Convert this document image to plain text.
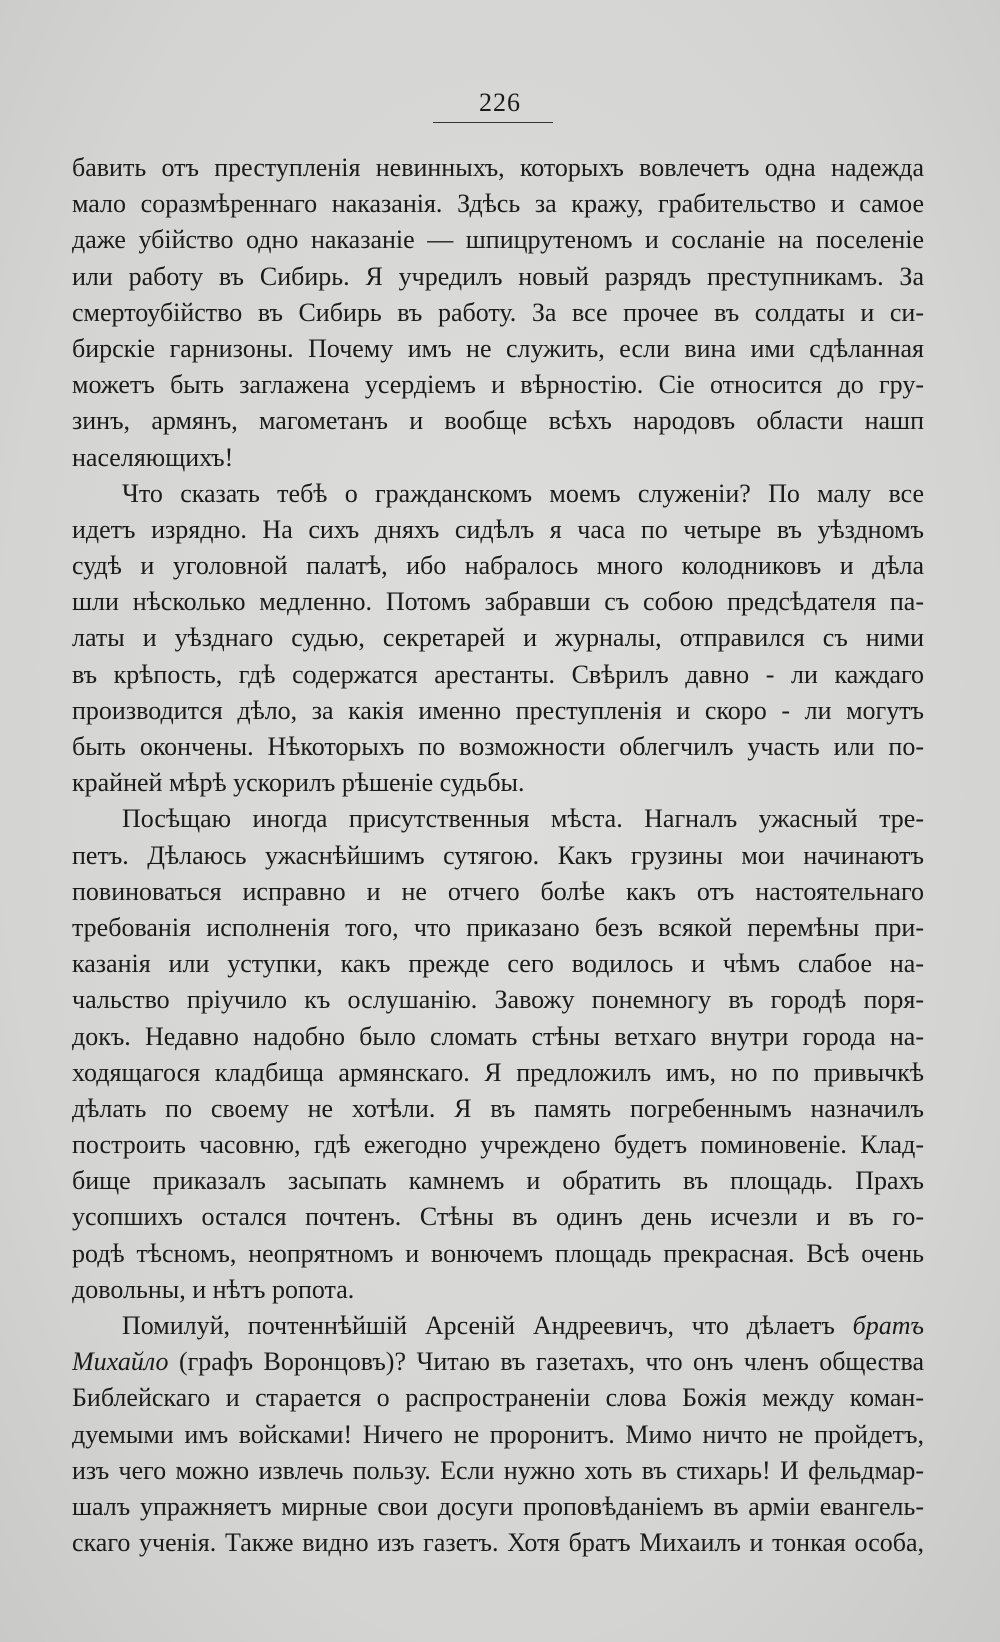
226
бавить отъ преступленія невинныхъ, которыхъ вовлечетъ одна надежда
мало соразмѣреннаго наказанія. Здѣсь за кражу, грабительство и самое
даже убійство одно наказаніе — шпицрутеномъ и сосланіе на поселеніе
или работу въ Сибирь. Я учредилъ новый разрядъ преступникамъ. За
смертоубійство въ Сибирь въ работу. За все прочее въ солдаты и си-
бирскіе гарнизоны. Почему имъ не служить, если вина ими сдѣланная
можетъ быть заглажена усердіемъ и вѣрностію. Сіе относится до гру-
зинъ, армянъ, магометанъ и вообще всѣхъ народовъ области нашп
населяющихъ!
Что сказать тебѣ о гражданскомъ моемъ служеніи? По малу все
идетъ изрядно. На сихъ дняхъ сидѣлъ я часа по четыре въ уѣздномъ
судѣ и уголовной палатѣ, ибо набралось много колодниковъ и дѣла
шли нѣсколько медленно. Потомъ забравши съ собою предсѣдателя па-
латы и уѣзднаго судью, секретарей и журналы, отправился съ ними
въ крѣпость, гдѣ содержатся арестанты. Свѣрилъ давно - ли каждаго
производится дѣло, за какія именно преступленія и скоро - ли могутъ
быть окончены. Нѣкоторыхъ по возможности облегчилъ участь или по-
крайней мѣрѣ ускорилъ рѣшеніе судьбы.
Посѣщаю иногда присутственныя мѣста. Нагналъ ужасный тре-
петъ. Дѣлаюсь ужаснѣйшимъ сутягою. Какъ грузины мои начинаютъ
повиноваться исправно и не отчего болѣе какъ отъ настоятельнаго
требованія исполненія того, что приказано безъ всякой перемѣны при-
казанія или уступки, какъ прежде сего водилось и чѣмъ слабое на-
чальство пріучило къ ослушанію. Завожу понемногу въ городѣ поря-
докъ. Недавно надобно было сломать стѣны ветхаго внутри города на-
ходящагося кладбища армянскаго. Я предложилъ имъ, но по привычкѣ
дѣлать по своему не хотѣли. Я въ память погребеннымъ назначилъ
построить часовню, гдѣ ежегодно учреждено будетъ поминовеніе. Клад-
бище приказалъ засыпать камнемъ и обратить въ площадь. Прахъ
усопшихъ остался почтенъ. Стѣны въ одинъ день исчезли и въ го-
родѣ тѣсномъ, неопрятномъ и вонючемъ площадь прекрасная. Всѣ очень
довольны, и нѣтъ ропота.
Помилуй, почтеннѣйшій Арсеній Андреевичъ, что дѣлаетъ братъ
Михайло (графъ Воронцовъ)? Читаю въ газетахъ, что онъ членъ общества
Библейскаго и старается о распространеніи слова Божія между коман-
дуемыми имъ войсками! Ничего не проронитъ. Мимо ничто не пройдетъ,
изъ чего можно извлечь пользу. Если нужно хоть въ стихарь! И фельдмар-
шалъ упражняетъ мирные свои досуги проповѣданіемъ въ арміи евангель-
скаго ученія. Также видно изъ газетъ. Хотя братъ Михаилъ и тонкая особа,
